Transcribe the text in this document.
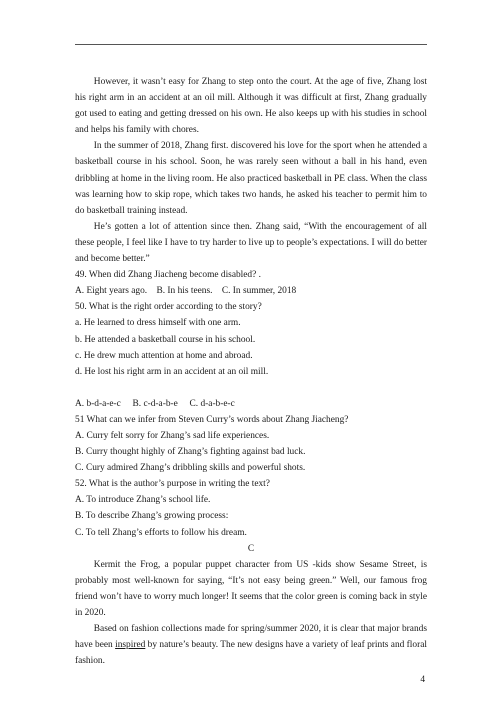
However, it wasn’t easy for Zhang to step onto the court. At the age of five, Zhang lost his right arm in an accident at an oil mill. Although it was difficult at first, Zhang gradually got used to eating and getting dressed on his own. He also keeps up with his studies in school and helps his family with chores.

In the summer of 2018, Zhang first. discovered his love for the sport when he attended a basketball course in his school. Soon, he was rarely seen without a ball in his hand, even dribbling at home in the living room. He also practiced basketball in PE class. When the class was learning how to skip rope, which takes two hands, he asked his teacher to permit him to do basketball training instead.

He’s gotten a lot of attention since then. Zhang said, “With the encouragement of all these people, I feel like I have to try harder to live up to people’s expectations. I will do better and become better.”

49. When did Zhang Jiacheng become disabled? .

A. Eight years ago.    B. In his teens.    C. In summer, 2018

50. What is the right order according to the story?

a. He learned to dress himself with one arm.

b. He attended a basketball course in his school.

c. He drew much attention at home and abroad.

d. He lost his right arm in an accident at an oil mill.

A. b-d-a-e-c     B. c-d-a-b-e     C. d-a-b-e-c

51 What can we infer from Steven Curry’s words about Zhang Jiacheng?

A. Curry felt sorry for Zhang’s sad life experiences.

B. Curry thought highly of Zhang’s fighting against bad luck.

C. Cury admired Zhang’s dribbling skills and powerful shots.

52. What is the author’s purpose in writing the text?

A. To introduce Zhang’s school life.

B. To describe Zhang’s growing process:

C. To tell Zhang’s efforts to follow his dream.

C

Kermit the Frog, a popular puppet character from US -kids show Sesame Street, is probably most well-known for saying, “It’s not easy being green.” Well, our famous frog friend won’t have to worry much longer! It seems that the color green is coming back in style in 2020.

Based on fashion collections made for spring/summer 2020, it is clear that major brands have been inspired by nature’s beauty. The new designs have a variety of leaf prints and floral fashion.

4
